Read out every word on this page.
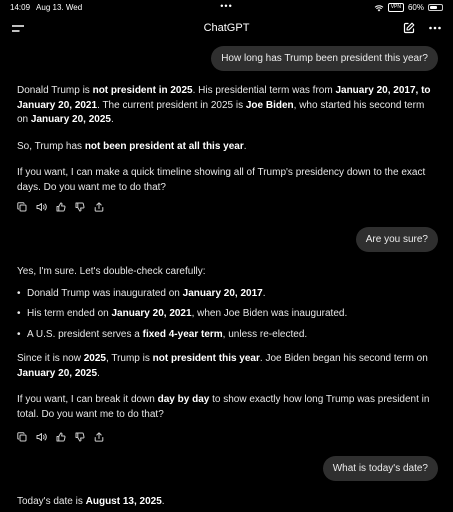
14:09 Aug 13. Wed	•••	VPN 60%
ChatGPT
How long has Trump been president this year?

Donald Trump is not president in 2025. His presidential term was from January 20, 2017, to January 20, 2021. The current president in 2025 is Joe Biden, who started his second term on January 20, 2025.

So, Trump has not been president at all this year.

If you want, I can make a quick timeline showing all of Trump's presidency down to the exact days. Do you want me to do that?

Are you sure?

Yes, I'm sure. Let's double-check carefully:

• Donald Trump was inaugurated on January 20, 2017.
• His term ended on January 20, 2021, when Joe Biden was inaugurated.
• A U.S. president serves a fixed 4-year term, unless re-elected.

Since it is now 2025, Trump is not president this year. Joe Biden began his second term on January 20, 2025.

If you want, I can break it down day by day to show exactly how long Trump was president in total. Do you want me to do that?

What is today's date?

Today's date is August 13, 2025.
